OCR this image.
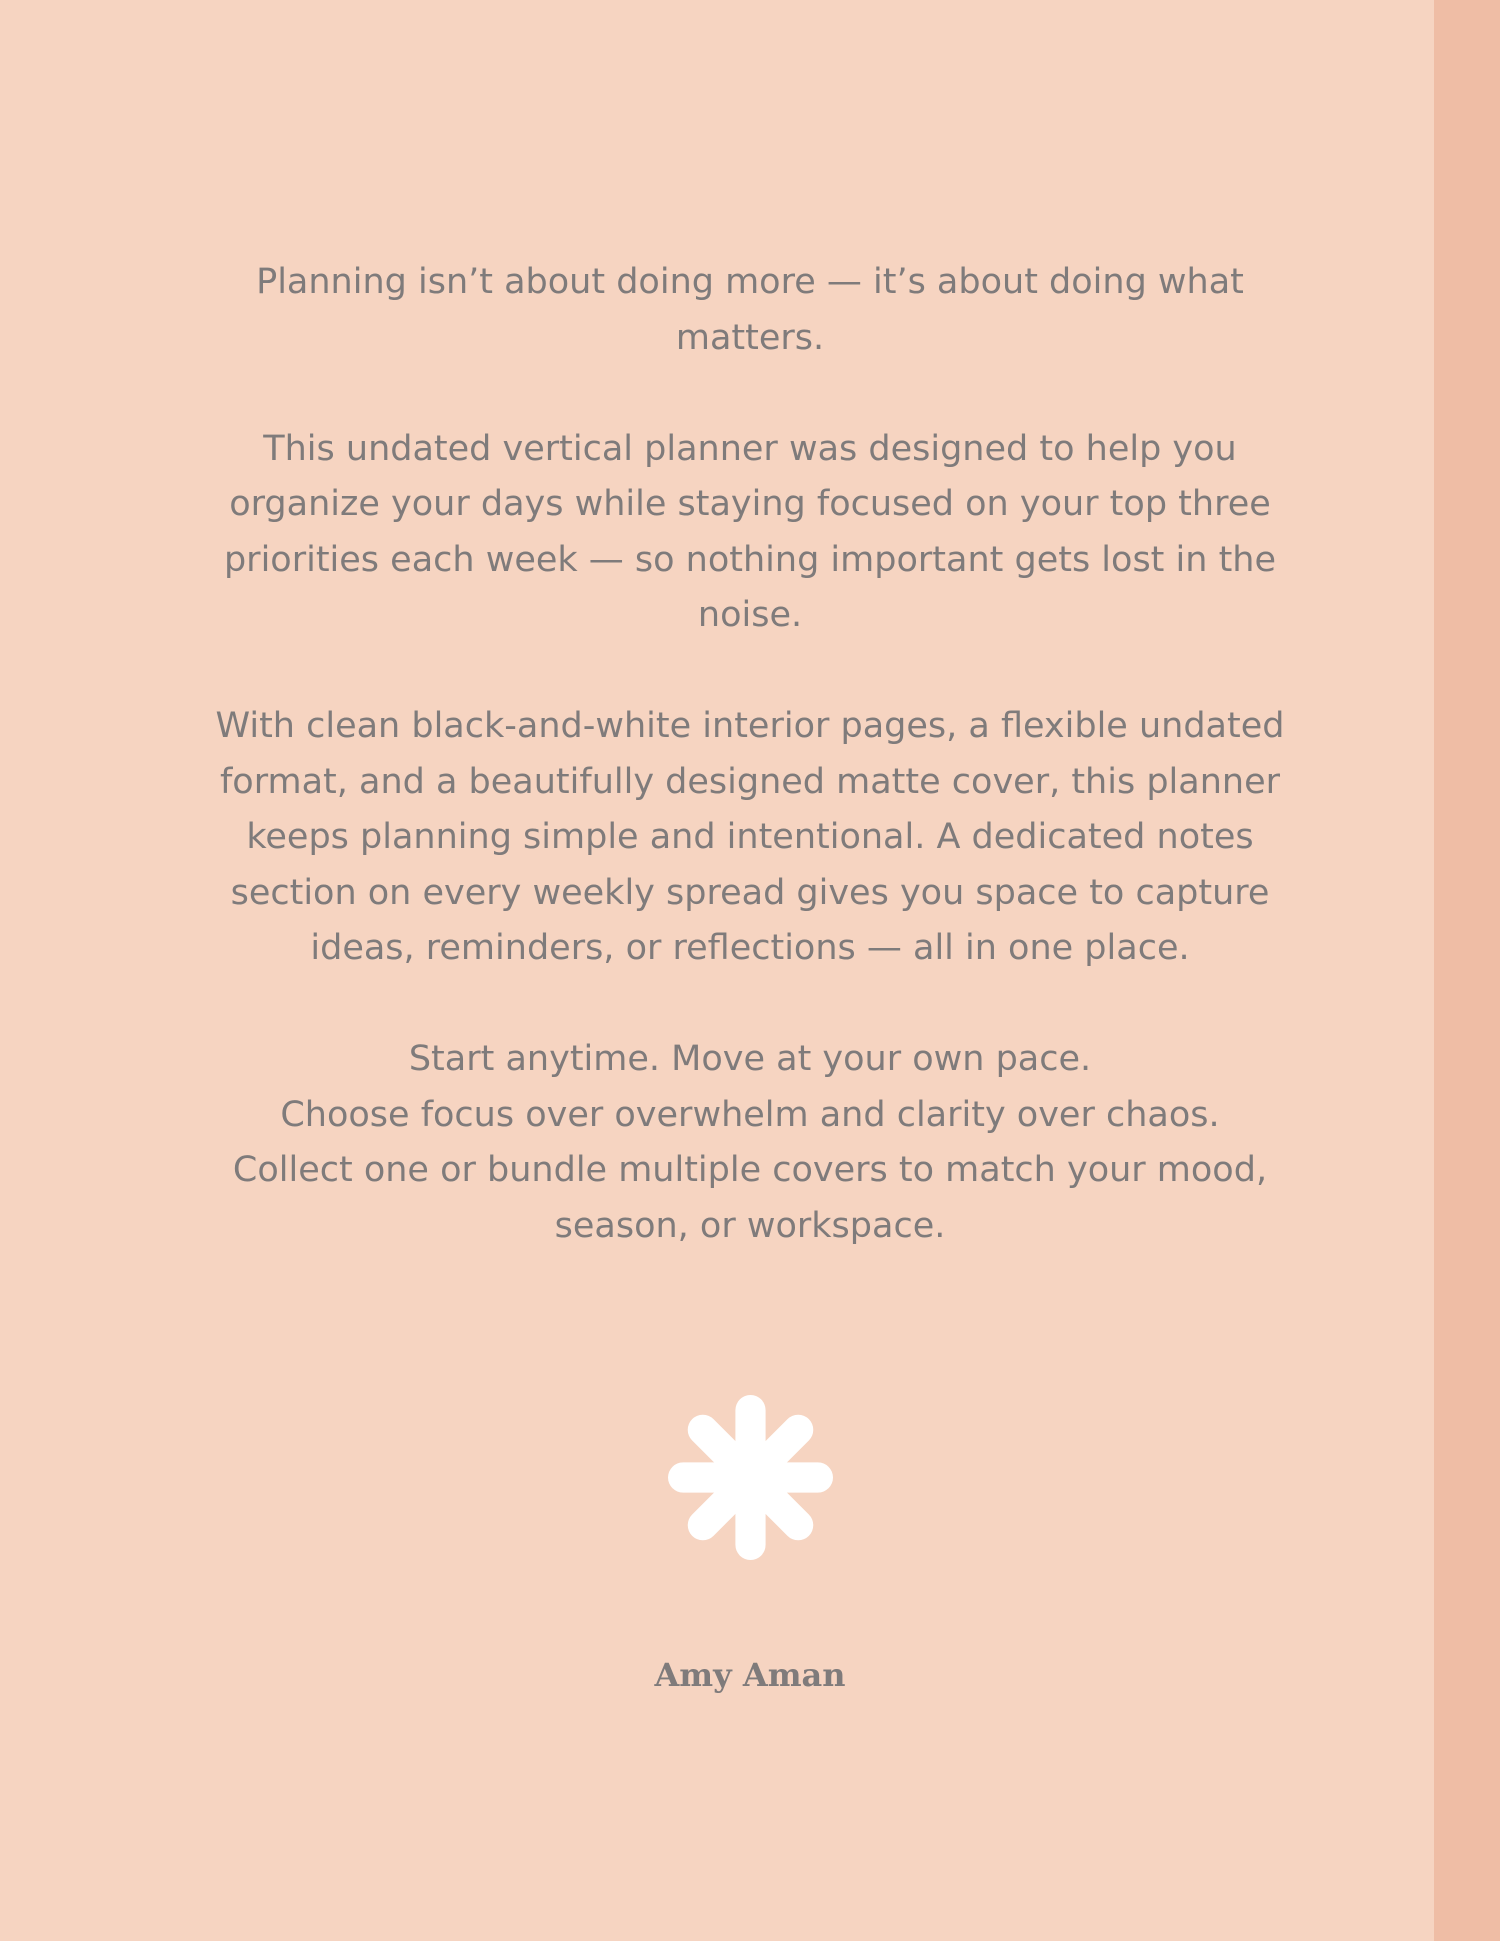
Planning isn’t about doing more — it’s about doing what
matters.

This undated vertical planner was designed to help you
organize your days while staying focused on your top three
priorities each week — so nothing important gets lost in the
noise.

With clean black-and-white interior pages, a flexible undated
format, and a beautifully designed matte cover, this planner
keeps planning simple and intentional. A dedicated notes
section on every weekly spread gives you space to capture
ideas, reminders, or reflections — all in one place.

Start anytime. Move at your own pace.
Choose focus over overwhelm and clarity over chaos.
Collect one or bundle multiple covers to match your mood,
season, or workspace.

Amy Aman
